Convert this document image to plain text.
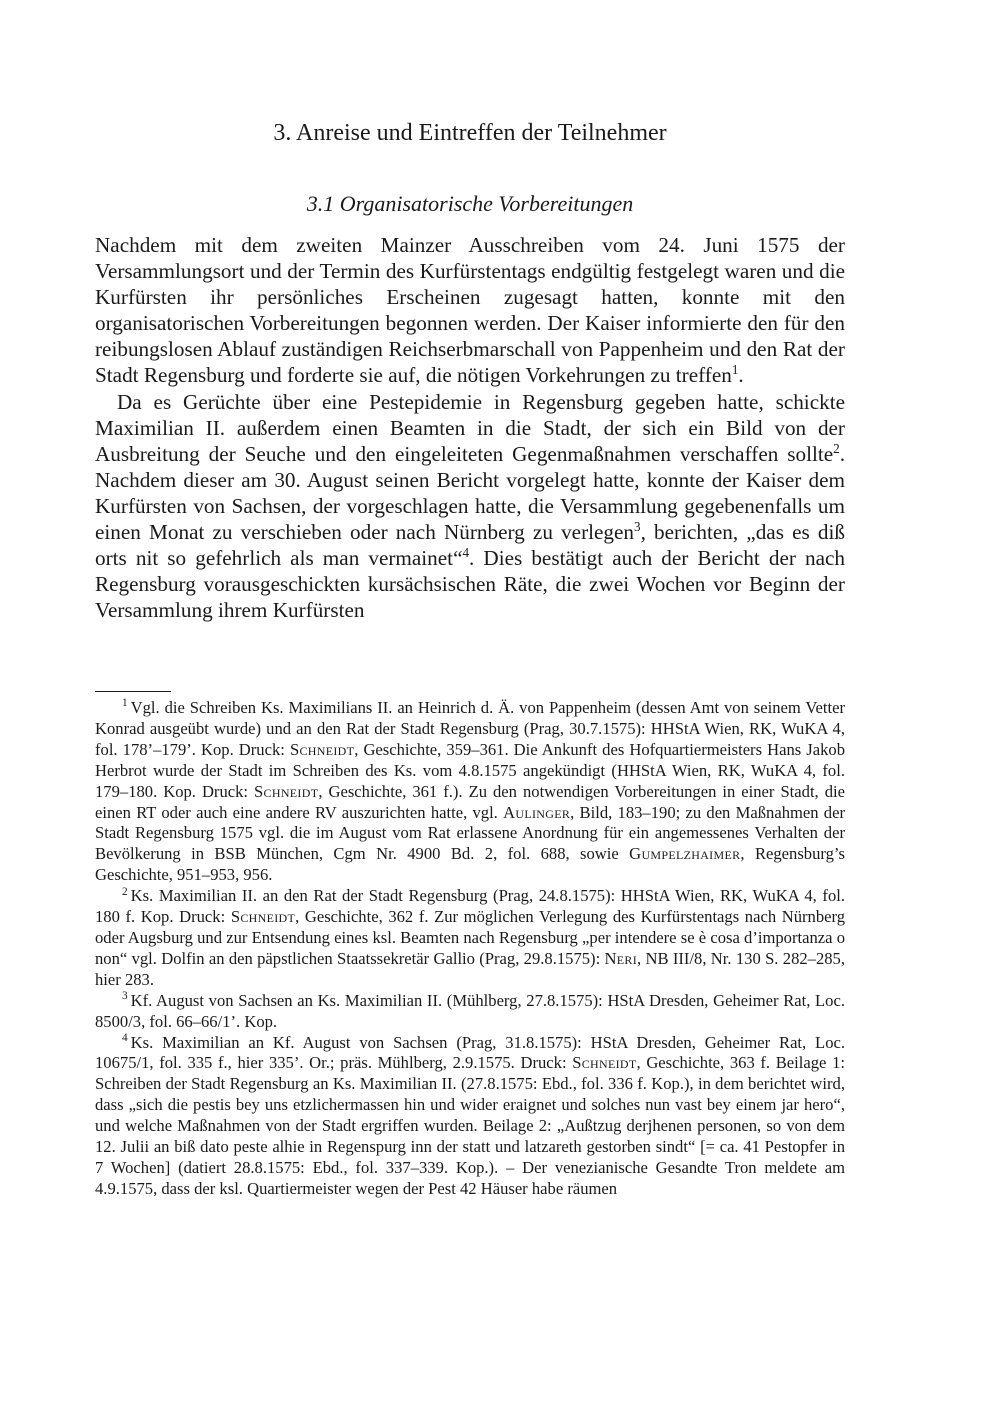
3. Anreise und Eintreffen der Teilnehmer
3.1 Organisatorische Vorbereitungen

Nachdem mit dem zweiten Mainzer Ausschreiben vom 24. Juni 1575 der Versammlungsort und der Termin des Kurfürstentags endgültig festgelegt waren und die Kurfürsten ihr persönliches Erscheinen zugesagt hatten, konnte mit den organisatorischen Vorbereitungen begonnen werden. Der Kaiser informierte den für den reibungslosen Ablauf zuständigen Reichserbmarschall von Pappenheim und den Rat der Stadt Regensburg und forderte sie auf, die nötigen Vorkehrungen zu treffen$^1$.

Da es Gerüchte über eine Pestepidemie in Regensburg gegeben hatte, schickte Maximilian II. außerdem einen Beamten in die Stadt, der sich ein Bild von der Ausbreitung der Seuche und den eingeleiteten Gegenmaßnahmen verschaffen sollte$^2$. Nachdem dieser am 30. August seinen Bericht vorgelegt hatte, konnte der Kaiser dem Kurfürsten von Sachsen, der vorgeschlagen hatte, die Versammlung gegebenenfalls um einen Monat zu verschieben oder nach Nürnberg zu verlegen$^3$, berichten, „das es diß orts nit so gefehrlich als man vermainet“$^4$. Dies bestätigt auch der Bericht der nach Regensburg vorausgeschickten kursächsischen Räte, die zwei Wochen vor Beginn der Versammlung ihrem Kurfürsten

$^1$ Vgl. die Schreiben Ks. Maximilians II. an Heinrich d. Ä. von Pappenheim (dessen Amt von seinem Vetter Konrad ausgeübt wurde) und an den Rat der Stadt Regensburg (Prag, 30.7.1575): HHStA Wien, RK, WuKA 4, fol. 178’–179’. Kop. Druck: Schneidt, Geschichte, 359–361. Die Ankunft des Hofquartiermeisters Hans Jakob Herbrot wurde der Stadt im Schreiben des Ks. vom 4.8.1575 angekündigt (HHStA Wien, RK, WuKA 4, fol. 179–180. Kop. Druck: Schneidt, Geschichte, 361 f.). Zu den notwendigen Vorbereitungen in einer Stadt, die einen RT oder auch eine andere RV auszurichten hatte, vgl. Aulinger, Bild, 183–190; zu den Maßnahmen der Stadt Regensburg 1575 vgl. die im August vom Rat erlassene Anordnung für ein angemessenes Verhalten der Bevölkerung in BSB München, Cgm Nr. 4900 Bd. 2, fol. 688, sowie Gumpelzhaimer, Regensburg’s Geschichte, 951–953, 956.

$^2$ Ks. Maximilian II. an den Rat der Stadt Regensburg (Prag, 24.8.1575): HHStA Wien, RK, WuKA 4, fol. 180 f. Kop. Druck: Schneidt, Geschichte, 362 f. Zur möglichen Verlegung des Kurfürstentags nach Nürnberg oder Augsburg und zur Entsendung eines ksl. Beamten nach Regensburg „per intendere se è cosa d’importanza o non“ vgl. Dolfin an den päpstlichen Staatssekretär Gallio (Prag, 29.8.1575): Neri, NB III/8, Nr. 130 S. 282–285, hier 283.

$^3$ Kf. August von Sachsen an Ks. Maximilian II. (Mühlberg, 27.8.1575): HStA Dresden, Geheimer Rat, Loc. 8500/3, fol. 66–66/1’. Kop.

$^4$ Ks. Maximilian an Kf. August von Sachsen (Prag, 31.8.1575): HStA Dresden, Geheimer Rat, Loc. 10675/1, fol. 335 f., hier 335’. Or.; präs. Mühlberg, 2.9.1575. Druck: Schneidt, Geschichte, 363 f. Beilage 1: Schreiben der Stadt Regensburg an Ks. Maximilian II. (27.8.1575: Ebd., fol. 336 f. Kop.), in dem berichtet wird, dass „sich die pestis bey uns etzlichermassen hin und wider eraignet und solches nun vast bey einem jar hero“, und welche Maßnahmen von der Stadt ergriffen wurden. Beilage 2: „Außtzug derjhenen personen, so von dem 12. Julii an biß dato peste alhie in Regenspurg inn der statt und latzareth gestorben sindt“ [= ca. 41 Pestopfer in 7 Wochen] (datiert 28.8.1575: Ebd., fol. 337–339. Kop.). – Der venezianische Gesandte Tron meldete am 4.9.1575, dass der ksl. Quartiermeister wegen der Pest 42 Häuser habe räumen
